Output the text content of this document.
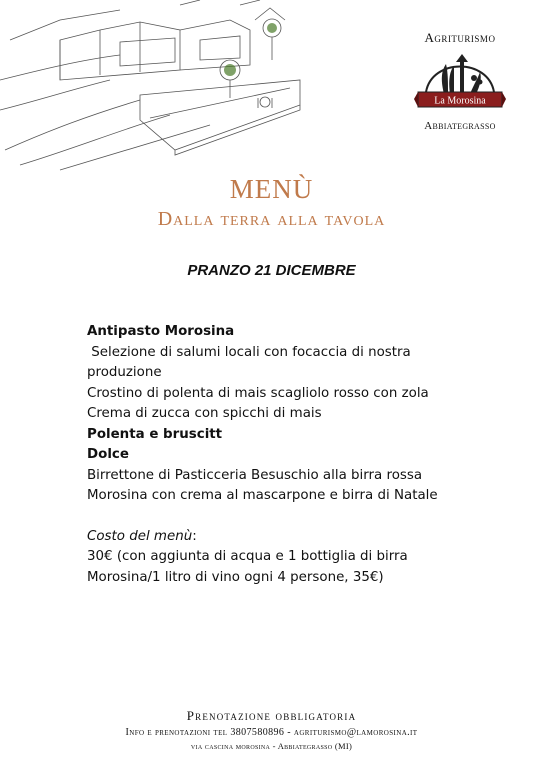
Agriturismo
La Morosina
Abbiategrasso
MENÙ
Dalla terra alla tavola

PRANZO 21 DICEMBRE

Antipasto Morosina
Selezione di salumi locali con focaccia di nostra
produzione
Crostino di polenta di mais scagliolo rosso con zola
Crema di zucca con spicchi di mais
Polenta e bruscitt
Dolce
Birrettone di Pasticceria Besuschio alla birra rossa
Morosina con crema al mascarpone e birra di Natale
Costo del menù:
30€ (con aggiunta di acqua e 1 bottiglia di birra
Morosina/1 litro di vino ogni 4 persone, 35€)
Prenotazione obbligatoria
Info e prenotazioni tel 3807580896 - agriturismo@lamorosina.it
via cascina morosina - Abbiategrasso (MI)
